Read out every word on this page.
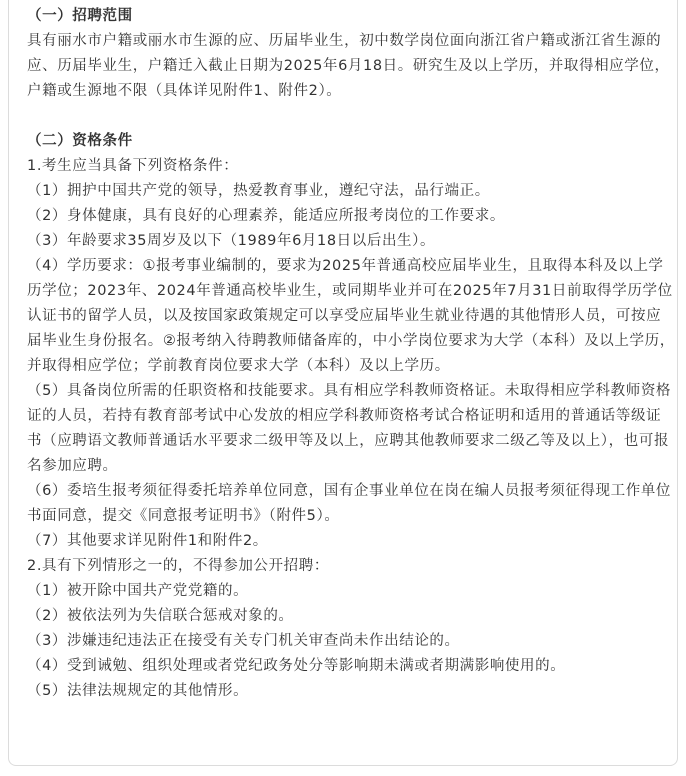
（一）招聘范围

具有丽水市户籍或丽水市生源的应、历届毕业生，初中数学岗位面向浙江省户籍或浙江省生源的应、历届毕业生，户籍迁入截止日期为2025年6月18日。研究生及以上学历，并取得相应学位，户籍或生源地不限（具体详见附件1、附件2）。

（二）资格条件

1.考生应当具备下列资格条件：

（1）拥护中国共产党的领导，热爱教育事业，遵纪守法，品行端正。

（2）身体健康，具有良好的心理素养，能适应所报考岗位的工作要求。

（3）年龄要求35周岁及以下（1989年6月18日以后出生）。

（4）学历要求：①报考事业编制的，要求为2025年普通高校应届毕业生，且取得本科及以上学历学位；2023年、2024年普通高校毕业生，或同期毕业并可在2025年7月31日前取得学历学位认证书的留学人员，以及按国家政策规定可以享受应届毕业生就业待遇的其他情形人员，可按应届毕业生身份报名。②报考纳入待聘教师储备库的，中小学岗位要求为大学（本科）及以上学历，并取得相应学位；学前教育岗位要求大学（本科）及以上学历。

（5）具备岗位所需的任职资格和技能要求。具有相应学科教师资格证。未取得相应学科教师资格证的人员，若持有教育部考试中心发放的相应学科教师资格考试合格证明和适用的普通话等级证书（应聘语文教师普通话水平要求二级甲等及以上，应聘其他教师要求二级乙等及以上），也可报名参加应聘。

（6）委培生报考须征得委托培养单位同意，国有企事业单位在岗在编人员报考须征得现工作单位书面同意，提交《同意报考证明书》（附件5）。

（7）其他要求详见附件1和附件2。

2.具有下列情形之一的，不得参加公开招聘：

（1）被开除中国共产党党籍的。

（2）被依法列为失信联合惩戒对象的。

（3）涉嫌违纪违法正在接受有关专门机关审查尚未作出结论的。

（4）受到诫勉、组织处理或者党纪政务处分等影响期未满或者期满影响使用的。

（5）法律法规规定的其他情形。
